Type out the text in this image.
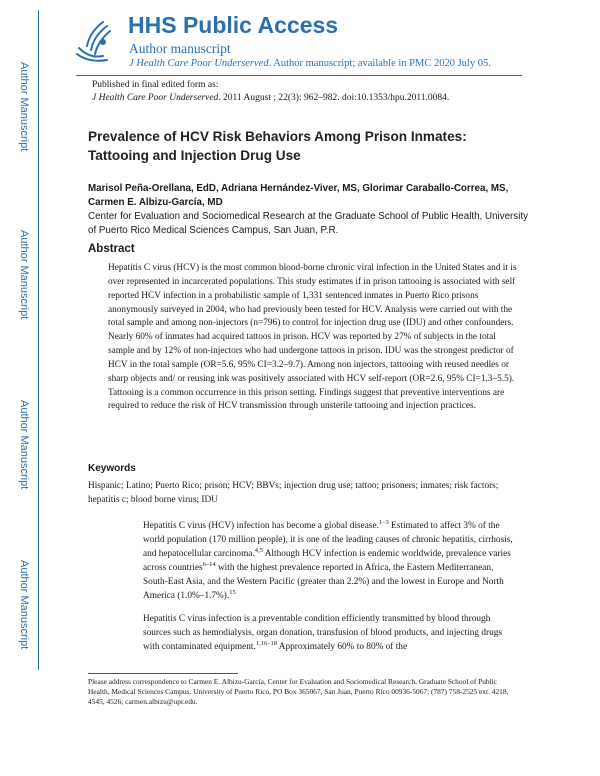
Author Manuscript
Author Manuscript
Author Manuscript
Author Manuscript
HHS Public Access
Author manuscript
J Health Care Poor Underserved. Author manuscript; available in PMC 2020 July 05.
Published in final edited form as:
J Health Care Poor Underserved. 2011 August ; 22(3): 962–982. doi:10.1353/hpu.2011.0084.
Prevalence of HCV Risk Behaviors Among Prison Inmates: Tattooing and Injection Drug Use
Marisol Peña-Orellana, EdD, Adriana Hernández-Viver, MS, Glorimar Caraballo-Correa, MS, Carmen E. Albizu-García, MD
Center for Evaluation and Sociomedical Research at the Graduate School of Public Health, University of Puerto Rico Medical Sciences Campus, San Juan, P.R.
Abstract
Hepatitis C virus (HCV) is the most common blood-borne chronic viral infection in the United States and it is over represented in incarcerated populations. This study estimates if in prison tattooing is associated with self reported HCV infection in a probabilistic sample of 1,331 sentenced inmates in Puerto Rico prisons anonymously surveyed in 2004, who had previously been tested for HCV. Analysis were carried out with the total sample and among non-injectors (n=796) to control for injection drug use (IDU) and other confounders. Nearly 60% of inmates had acquired tattoos in prison. HCV was reported by 27% of subjects in the total sample and by 12% of non-injectors who had undergone tattoos in prison. IDU was the strongest predictor of HCV in the total sample (OR=5.6, 95% CI=3.2–9.7). Among non injectors, tattooing with reused needles or sharp objects and/ or reusing ink was positively associated with HCV self-report (OR=2.6, 95% CI=1.3–5.5). Tattooing is a common occurrence in this prison setting. Findings suggest that preventive interventions are required to reduce the risk of HCV transmission through unsterile tattooing and injection practices.
Keywords
Hispanic; Latino; Puerto Rico; prison; HCV; BBVs; injection drug use; tattoo; prisoners; inmates; risk factors; hepatitis c; blood borne virus; IDU
Hepatitis C virus (HCV) infection has become a global disease.$^{1-3}$ Estimated to affect 3% of the world population (170 million people), it is one of the leading causes of chronic hepatitis, cirrhosis, and hepatocellular carcinoma.$^{4,5}$ Although HCV infection is endemic worldwide, prevalence varies across countries$^{6-14}$ with the highest prevalence reported in Africa, the Eastern Mediterranean, South-East Asia, and the Western Pacific (greater than 2.2%) and the lowest in Europe and North America (1.0%–1.7%).$^{15}$
Hepatitis C virus infection is a preventable condition efficiently transmitted by blood through sources such as hemodialysis, organ donation, transfusion of blood products, and injecting drugs with contaminated equipment.$^{1,16-18}$ Approximately 60% to 80% of the
Please address correspondence to Carmen E. Albizu-García, Center for Evaluation and Sociomedical Research, Graduate School of Public Health, Medical Sciences Campus, University of Puerto Rico, PO Box 365067, San Juan, Puerto Rico 00936-5067; (787) 758-2525 ext. 4218, 4545, 4526; carmen.albizu@upr.edu.
